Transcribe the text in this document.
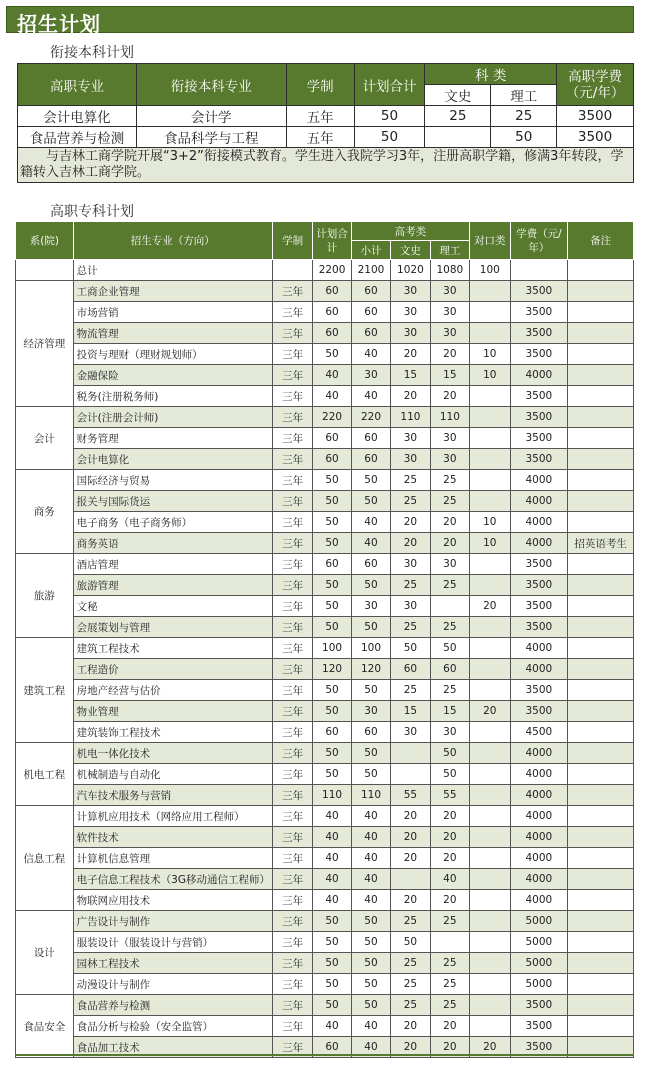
招生计划
衔接本科计划
高职专业	衔接本科专业	学制	计划合计	科 类		高职学费（元/年）
				文史	理工	
会计电算化	会计学	五年	50	25	25	3500
食品营养与检测	食品科学与工程	五年	50		50	3500
　　与吉林工商学院开展“3+2”衔接模式教育。学生进入我院学习3年，注册高职学籍，修满3年转段，学籍转入吉林工商学院。						
高职专科计划
系(院)	招生专业（方向）	学制	计划合计	高考类			对口类	学费（元/年）	备注
				小计	文史	理工			
	总计		2200	2100	1020	1080	100		
经济管理	工商企业管理	三年	60	60	30	30		3500	
	市场营销	三年	60	60	30	30		3500	
	物流管理	三年	60	60	30	30		3500	
	投资与理财（理财规划师）	三年	50	40	20	20	10	3500	
	金融保险	三年	40	30	15	15	10	4000	
	税务(注册税务师)	三年	40	40	20	20		3500	
会计	会计(注册会计师)	三年	220	220	110	110		3500	
	财务管理	三年	60	60	30	30		3500	
	会计电算化	三年	60	60	30	30		3500	
商务	国际经济与贸易	三年	50	50	25	25		4000	
	报关与国际货运	三年	50	50	25	25		4000	
	电子商务（电子商务师）	三年	50	40	20	20	10	4000	
	商务英语	三年	50	40	20	20	10	4000	招英语考生
旅游	酒店管理	三年	60	60	30	30		3500	
	旅游管理	三年	50	50	25	25		3500	
	文秘	三年	50	30	30		20	3500	
	会展策划与管理	三年	50	50	25	25		3500	
建筑工程	建筑工程技术	三年	100	100	50	50		4000	
	工程造价	三年	120	120	60	60		4000	
	房地产经营与估价	三年	50	50	25	25		3500	
	物业管理	三年	50	30	15	15	20	3500	
	建筑装饰工程技术	三年	60	60	30	30		4500	
机电工程	机电一体化技术	三年	50	50		50		4000	
	机械制造与自动化	三年	50	50		50		4000	
	汽车技术服务与营销	三年	110	110	55	55		4000	
信息工程	计算机应用技术（网络应用工程师）	三年	40	40	20	20		4000	
	软件技术	三年	40	40	20	20		4000	
	计算机信息管理	三年	40	40	20	20		4000	
	电子信息工程技术（3G移动通信工程师）	三年	40	40		40		4000	
	物联网应用技术	三年	40	40	20	20		4000	
设计	广告设计与制作	三年	50	50	25	25		5000	
	服装设计（服装设计与营销）	三年	50	50	50			5000	
	园林工程技术	三年	50	50	25	25		5000	
	动漫设计与制作	三年	50	50	25	25		5000	
食品安全	食品营养与检测	三年	50	50	25	25		3500	
	食品分析与检验（安全监管）	三年	40	40	20	20		3500	
	食品加工技术	三年	60	40	20	20	20	3500	
